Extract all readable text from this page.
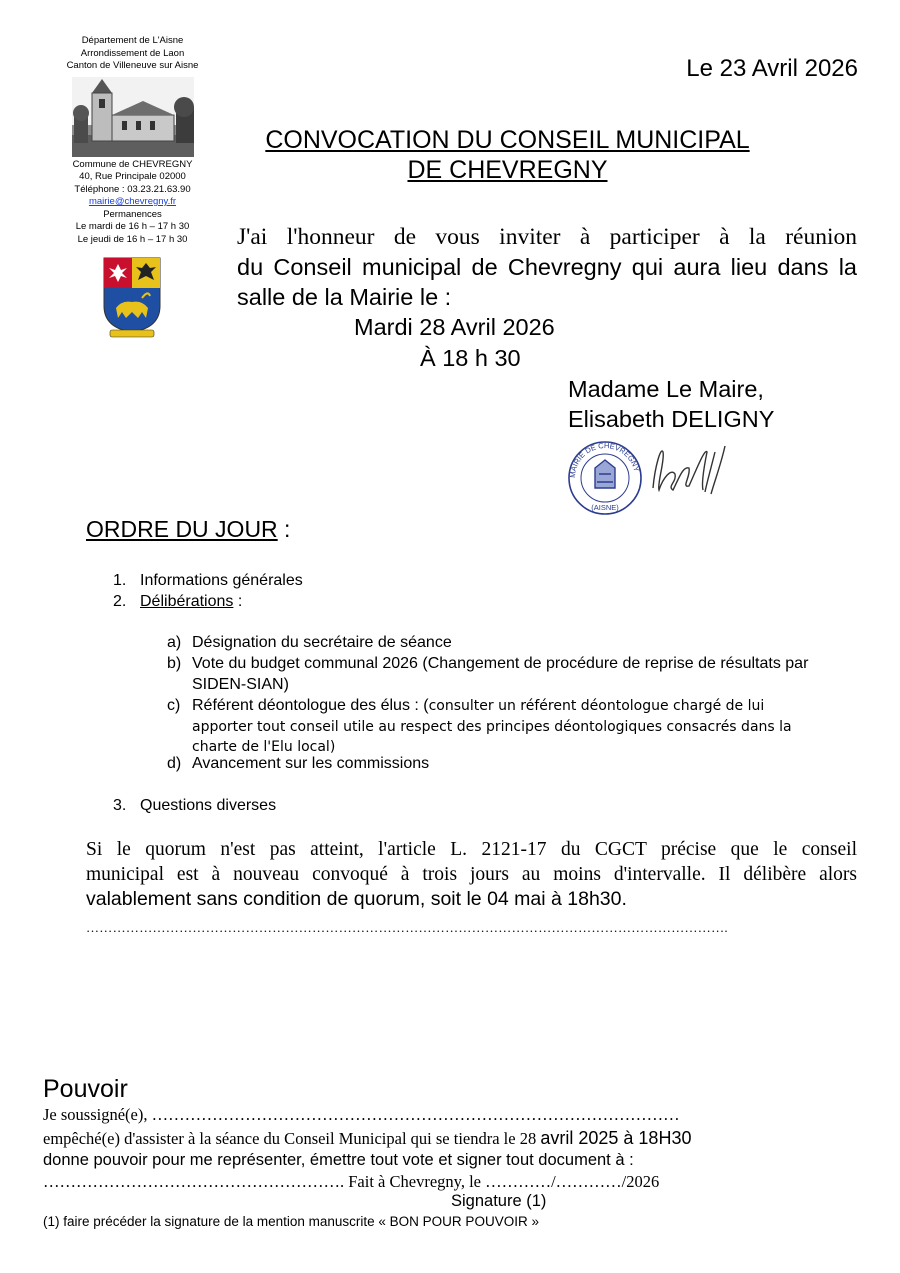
Département de L'Aisne
Arrondissement de Laon
Canton de Villeneuve sur Aisne
Commune de CHEVREGNY
40, Rue Principale 02000
Téléphone : 03.23.21.63.90
mairie@chevregny.fr
Permanences
Le mardi de 16 h – 17 h 30
Le jeudi de 16 h – 17 h 30
Le 23 Avril 2026
CONVOCATION DU CONSEIL MUNICIPAL
DE CHEVREGNY
J'ai l'honneur de vous inviter à participer à la réunion
du Conseil municipal de Chevregny qui aura lieu dans la
salle de la Mairie le :
Mardi 28 Avril 2026
À 18 h 30
Madame Le Maire,
Elisabeth DELIGNY
MAIRIE DE CHEVREGNY
(AISNE)
ORDRE DU JOUR :
1. Informations générales
2. Délibérations :
a) Désignation du secrétaire de séance
b) Vote du budget communal 2026 (Changement de procédure de reprise de résultats par
SIDEN-SIAN)
c) Référent déontologue des élus : (consulter un référent déontologue chargé de lui
apporter tout conseil utile au respect des principes déontologiques consacrés dans la
charte de l'Elu local)
d) Avancement sur les commissions
3. Questions diverses
Si le quorum n'est pas atteint, l'article L. 2121-17 du CGCT précise que le conseil
municipal est à nouveau convoqué à trois jours au moins d'intervalle. Il délibère alors
valablement sans condition de quorum, soit le 04 mai à 18h30.
……………………………………………………………………………………………………………………………….
Pouvoir
Je soussigné(e), ……………………………………………………………………………………
empêché(e) d'assister à la séance du Conseil Municipal qui se tiendra le 28 avril 2025 à 18H30
donne pouvoir pour me représenter, émettre tout vote et signer tout document à :
………………………………………………. Fait à Chevregny, le …………/…………/2026
Signature (1)
(1) faire précéder la signature de la mention manuscrite « BON POUR POUVOIR »
